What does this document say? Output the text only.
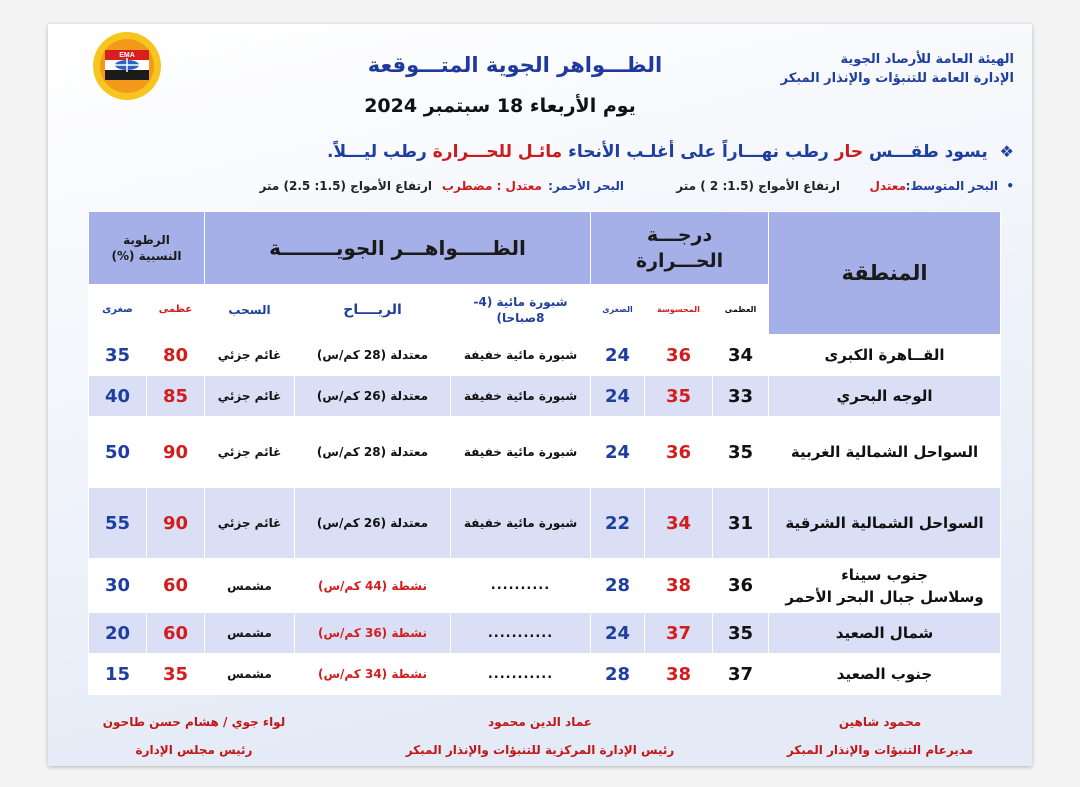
EMA	الهيئة العامة للأرصاد الجوية
الإدارة العامة للتنبؤات والإنذار المبكر
الظـــواهر الجوية المتـــوقعة
يوم الأربعاء 18 سبتمبر 2024
❖ يسود طقـــس حار رطب نهـــاراً على أغلـب الأنحاء مائـل للحـــرارة رطب ليـــلاً.
•
البحر المتوسط:
معتدل
ارتفاع الأمواج (1.5: 2 ) متر
البحر الأحمر:
معتدل : مضطرب
ارتفاع الأمواج (1.5: 2.5) متر
المنطقة	درجـــة الحـــرارة			الظـــــواهـــر الجويــــــــة			الرطوبة النسبية (%)	
	العظمى	المحسوسة	الصغرى	شبورة مائية (4-8صباحا)	الريــــاح	السحب	عظمى	صغرى
القــاهرة الكبرى	34	36	24	شبورة مائية خفيفة	معتدلة (28 كم/س)	غائم جزئي	80	35
الوجه البحري	33	35	24	شبورة مائية خفيفة	معتدلة (26 كم/س)	غائم جزئي	85	40
السواحل الشمالية الغربية	35	36	24	شبورة مائية خفيفة	معتدلة (28 كم/س)	غائم جزئي	90	50
السواحل الشمالية الشرقية	31	34	22	شبورة مائية خفيفة	معتدلة (26 كم/س)	غائم جزئي	90	55

جنوب سيناء
وسلاسل جبال البحر الأحمر	36	38	28	..........	نشطة (44 كم/س)	مشمس	60	30
شمال الصعيد	35	37	24	...........	نشطة (36 كم/س)	مشمس	60	20
جنوب الصعيد	37	38	28	...........	نشطة (34 كم/س)	مشمس	35	15
محمود شاهين
مديرعام التنبؤات والإنذار المبكر
عماد الدين محمود
رئيس الإدارة المركزية للتنبؤات والإنذار المبكر
لواء جوي / هشام حسن طاحون
رئيس مجلس الإدارة
